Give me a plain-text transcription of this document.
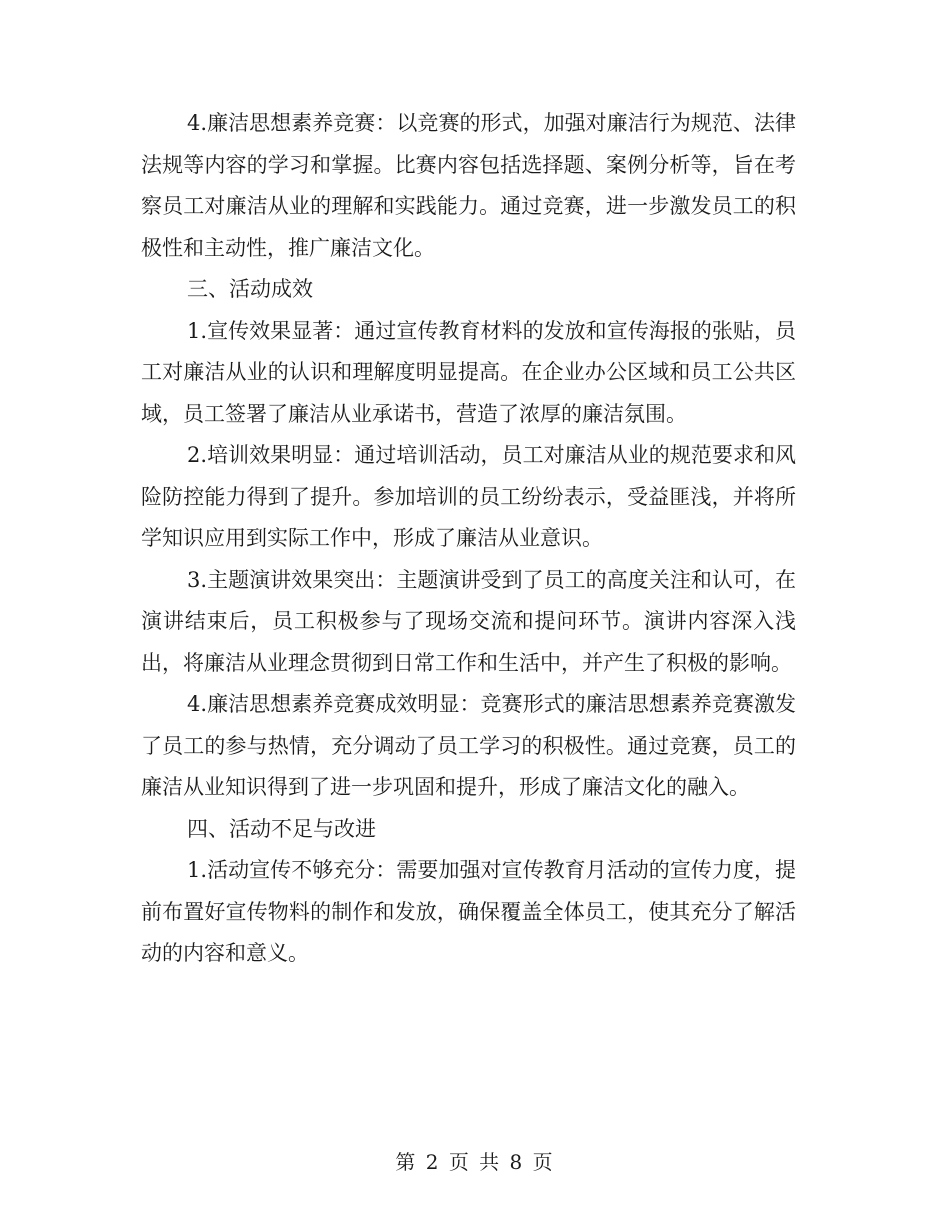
4.廉洁思想素养竞赛：以竞赛的形式，加强对廉洁行为规范、法律法规等内容的学习和掌握。比赛内容包括选择题、案例分析等，旨在考察员工对廉洁从业的理解和实践能力。通过竞赛，进一步激发员工的积极性和主动性，推广廉洁文化。

三、活动成效

1.宣传效果显著：通过宣传教育材料的发放和宣传海报的张贴，员工对廉洁从业的认识和理解度明显提高。在企业办公区域和员工公共区域，员工签署了廉洁从业承诺书，营造了浓厚的廉洁氛围。

2.培训效果明显：通过培训活动，员工对廉洁从业的规范要求和风险防控能力得到了提升。参加培训的员工纷纷表示，受益匪浅，并将所学知识应用到实际工作中，形成了廉洁从业意识。

3.主题演讲效果突出：主题演讲受到了员工的高度关注和认可，在演讲结束后，员工积极参与了现场交流和提问环节。演讲内容深入浅出，将廉洁从业理念贯彻到日常工作和生活中，并产生了积极的影响。

4.廉洁思想素养竞赛成效明显：竞赛形式的廉洁思想素养竞赛激发了员工的参与热情，充分调动了员工学习的积极性。通过竞赛，员工的廉洁从业知识得到了进一步巩固和提升，形成了廉洁文化的融入。

四、活动不足与改进

1.活动宣传不够充分：需要加强对宣传教育月活动的宣传力度，提前布置好宣传物料的制作和发放，确保覆盖全体员工，使其充分了解活动的内容和意义。

第 2 页 共 8 页
